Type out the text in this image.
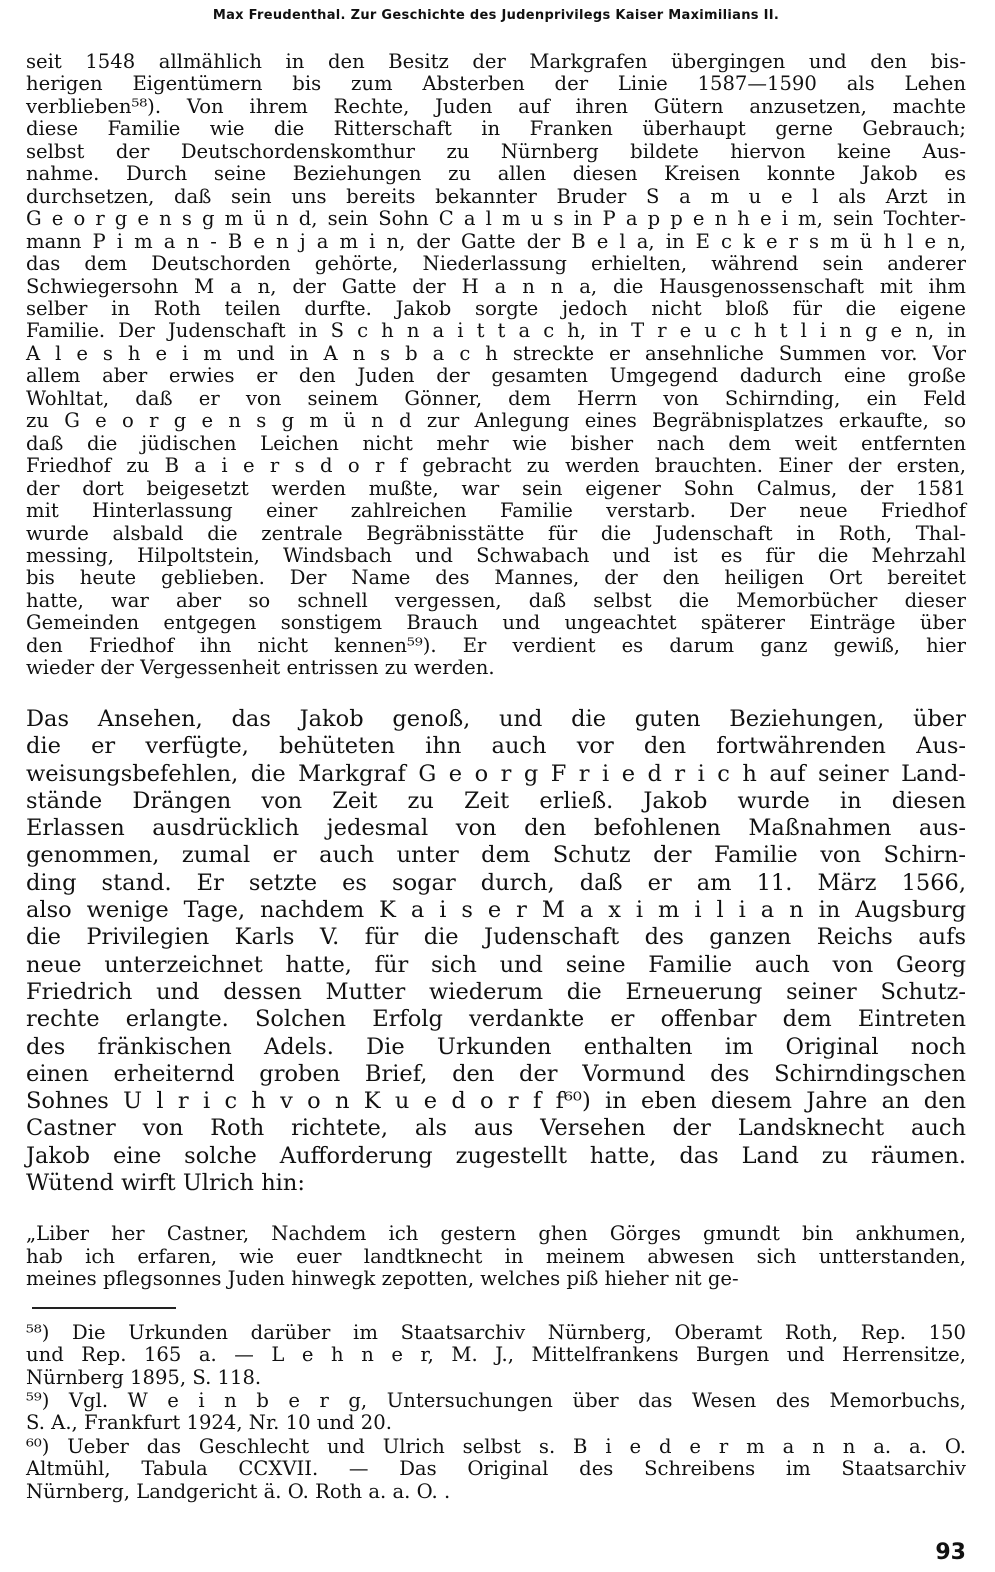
Max Freudenthal. Zur Geschichte des Judenprivilegs Kaiser Maximilians II.
seit 1548 allmählich in den Besitz der Markgrafen übergingen und den bis-
herigen Eigentümern bis zum Absterben der Linie 1587—1590 als Lehen
verblieben⁵⁸). Von ihrem Rechte, Juden auf ihren Gütern anzusetzen, machte
diese Familie wie die Ritterschaft in Franken überhaupt gerne Gebrauch;
selbst der Deutschordenskomthur zu Nürnberg bildete hiervon keine Aus-
nahme. Durch seine Beziehungen zu allen diesen Kreisen konnte Jakob es
durchsetzen, daß sein uns bereits bekannter Bruder S a m u e l als Arzt in
G e o r g e n s g m ü n d, sein Sohn C a l m u s in P a p p e n h e i m, sein Tochter-
mann P i m a n - B e n j a m i n, der Gatte der B e l a, in E c k e r s m ü h l e n,
das dem Deutschorden gehörte, Niederlassung erhielten, während sein anderer
Schwiegersohn M a n, der Gatte der H a n n a, die Hausgenossenschaft mit ihm
selber in Roth teilen durfte. Jakob sorgte jedoch nicht bloß für die eigene
Familie. Der Judenschaft in S c h n a i t t a c h, in T r e u c h t l i n g e n, in
A l e s h e i m und in A n s b a c h streckte er ansehnliche Summen vor. Vor
allem aber erwies er den Juden der gesamten Umgegend dadurch eine große
Wohltat, daß er von seinem Gönner, dem Herrn von Schirnding, ein Feld
zu G e o r g e n s g m ü n d zur Anlegung eines Begräbnisplatzes erkaufte, so
daß die jüdischen Leichen nicht mehr wie bisher nach dem weit entfernten
Friedhof zu B a i e r s d o r f gebracht zu werden brauchten. Einer der ersten,
der dort beigesetzt werden mußte, war sein eigener Sohn Calmus, der 1581
mit Hinterlassung einer zahlreichen Familie verstarb. Der neue Friedhof
wurde alsbald die zentrale Begräbnisstätte für die Judenschaft in Roth, Thal-
messing, Hilpoltstein, Windsbach und Schwabach und ist es für die Mehrzahl
bis heute geblieben. Der Name des Mannes, der den heiligen Ort bereitet
hatte, war aber so schnell vergessen, daß selbst die Memorbücher dieser
Gemeinden entgegen sonstigem Brauch und ungeachtet späterer Einträge über
den Friedhof ihn nicht kennen⁵⁹). Er verdient es darum ganz gewiß, hier
wieder der Vergessenheit entrissen zu werden.
Das Ansehen, das Jakob genoß, und die guten Beziehungen, über
die er verfügte, behüteten ihn auch vor den fortwährenden Aus-
weisungsbefehlen, die Markgraf G e o r g F r i e d r i c h auf seiner Land-
stände Drängen von Zeit zu Zeit erließ. Jakob wurde in diesen
Erlassen ausdrücklich jedesmal von den befohlenen Maßnahmen aus-
genommen, zumal er auch unter dem Schutz der Familie von Schirn-
ding stand. Er setzte es sogar durch, daß er am 11. März 1566,
also wenige Tage, nachdem K a i s e r M a x i m i l i a n in Augsburg
die Privilegien Karls V. für die Judenschaft des ganzen Reichs aufs
neue unterzeichnet hatte, für sich und seine Familie auch von Georg
Friedrich und dessen Mutter wiederum die Erneuerung seiner Schutz-
rechte erlangte. Solchen Erfolg verdankte er offenbar dem Eintreten
des fränkischen Adels. Die Urkunden enthalten im Original noch
einen erheiternd groben Brief, den der Vormund des Schirndingschen
Sohnes U l r i c h v o n K u e d o r f f⁶⁰) in eben diesem Jahre an den
Castner von Roth richtete, als aus Versehen der Landsknecht auch
Jakob eine solche Aufforderung zugestellt hatte, das Land zu räumen.
Wütend wirft Ulrich hin:
„Liber her Castner, Nachdem ich gestern ghen Görges gmundt bin ankhumen,
hab ich erfaren, wie euer landtknecht in meinem abwesen sich untterstanden,
meines pflegsonnes Juden hinwegk zepotten, welches piß hieher nit ge-
⁵⁸) Die Urkunden darüber im Staatsarchiv Nürnberg, Oberamt Roth, Rep. 150
und Rep. 165 a. — L e h n e r, M. J., Mittelfrankens Burgen und Herrensitze,
Nürnberg 1895, S. 118.
⁵⁹) Vgl. W e i n b e r g, Untersuchungen über das Wesen des Memorbuchs,
S. A., Frankfurt 1924, Nr. 10 und 20.
⁶⁰) Ueber das Geschlecht und Ulrich selbst s. B i e d e r m a n n a. a. O.
Altmühl, Tabula CCXVII. — Das Original des Schreibens im Staatsarchiv
Nürnberg, Landgericht ä. O. Roth a. a. O. .
93
